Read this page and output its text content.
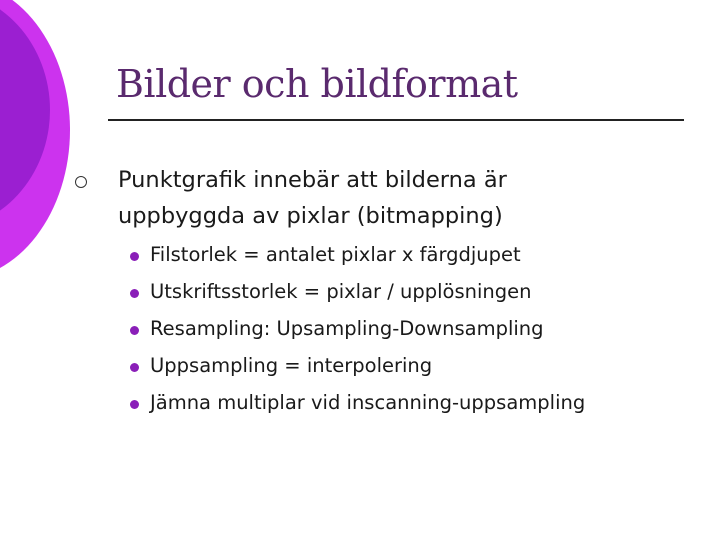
Bilder och bildformat
Punktgrafik innebär att bilderna är uppbyggda av pixlar (bitmapping)
Filstorlek = antalet pixlar x färgdjupet
Utskriftsstorlek = pixlar / upplösningen
Resampling: Upsampling-Downsampling
Uppsampling = interpolering
Jämna multiplar vid inscanning-uppsampling
